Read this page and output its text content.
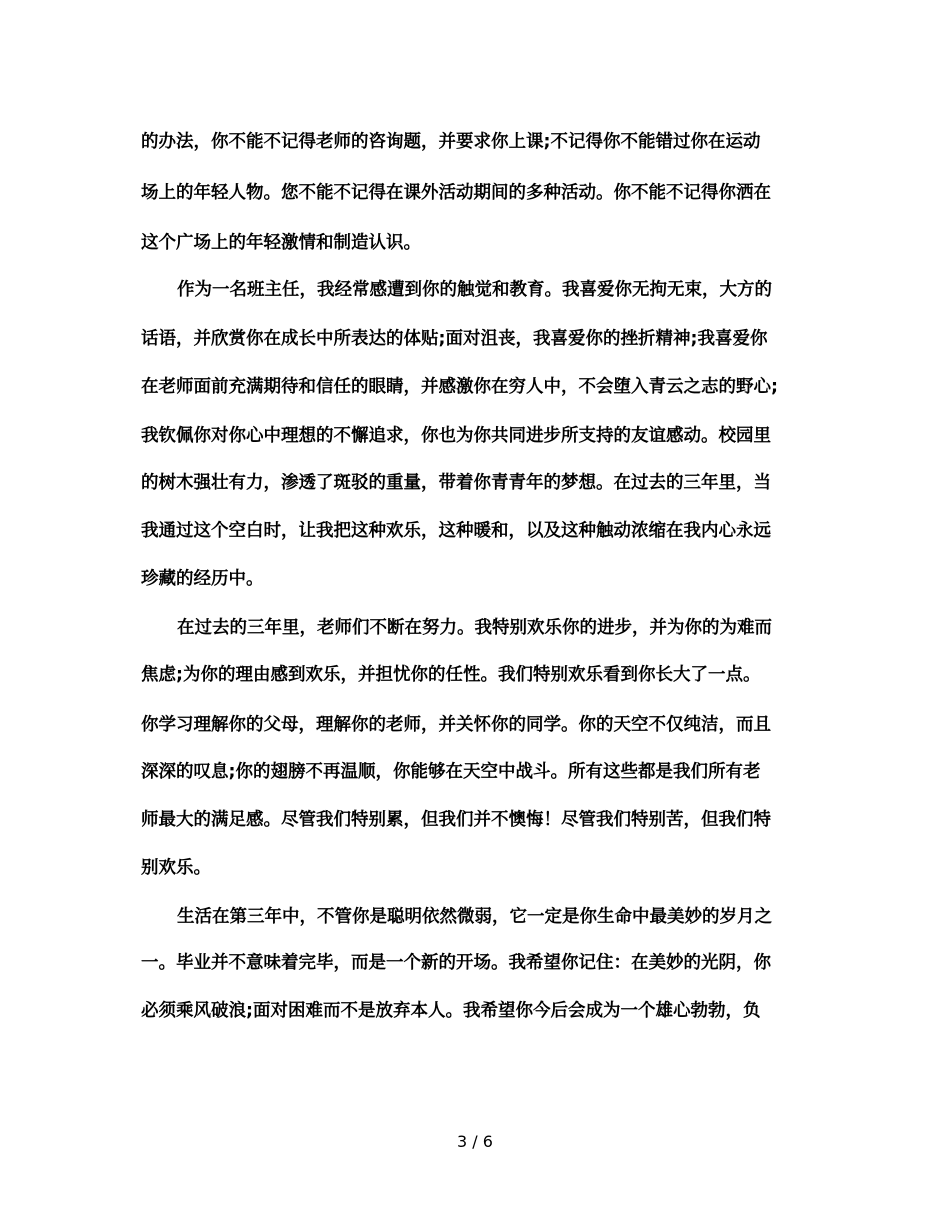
的办法，你不能不记得老师的咨询题，并要求你上课;不记得你不能错过你在运动
场上的年轻人物。您不能不记得在课外活动期间的多种活动。你不能不记得你洒在
这个广场上的年轻激情和制造认识。
作为一名班主任，我经常感遭到你的触觉和教育。我喜爱你无拘无束，大方的
话语，并欣赏你在成长中所表达的体贴;面对沮丧，我喜爱你的挫折精神;我喜爱你
在老师面前充满期待和信任的眼睛，并感激你在穷人中，不会堕入青云之志的野心;
我钦佩你对你心中理想的不懈追求，你也为你共同进步所支持的友谊感动。校园里
的树木强壮有力，渗透了斑驳的重量，带着你青青年的梦想。在过去的三年里，当
我通过这个空白时，让我把这种欢乐，这种暖和，以及这种触动浓缩在我内心永远
珍藏的经历中。
在过去的三年里，老师们不断在努力。我特别欢乐你的进步，并为你的为难而
焦虑;为你的理由感到欢乐，并担忧你的任性。我们特别欢乐看到你长大了一点。
你学习理解你的父母，理解你的老师，并关怀你的同学。你的天空不仅纯洁，而且
深深的叹息;你的翅膀不再温顺，你能够在天空中战斗。所有这些都是我们所有老
师最大的满足感。尽管我们特别累，但我们并不懊悔！尽管我们特别苦，但我们特
别欢乐。
生活在第三年中，不管你是聪明依然微弱，它一定是你生命中最美妙的岁月之
一。毕业并不意味着完毕，而是一个新的开场。我希望你记住：在美妙的光阴，你
必须乘风破浪;面对困难而不是放弃本人。我希望你今后会成为一个雄心勃勃，负
3 / 6
